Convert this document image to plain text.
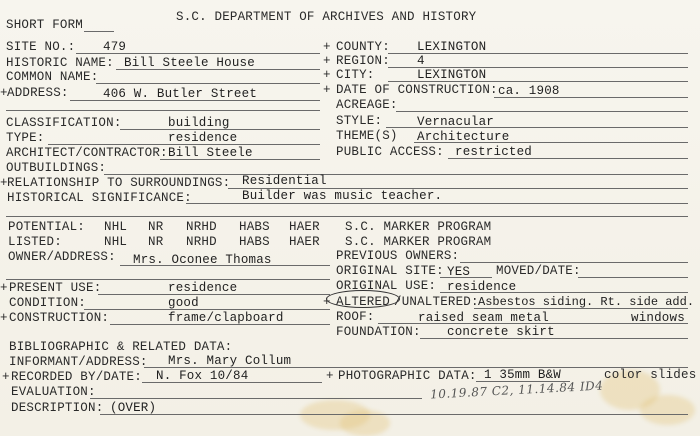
SHORT FORM
S.C. DEPARTMENT OF ARCHIVES AND HISTORY
SITE NO.: 479	+ COUNTY: LEXINGTON
HISTORIC NAME: Bill Steele House	+ REGION: 4
COMMON NAME:	+ CITY:	LEXINGTON
+ ADDRESS:	406 W. Butler Street	+ DATE OF CONSTRUCTION: ca. 1908
ACREAGE:
CLASSIFICATION:	building	STYLE:	Vernacular
TYPE:	residence	THEME(S) Architecture
ARCHITECT/CONTRACTOR: Bill Steele	PUBLIC ACCESS: restricted
OUTBUILDINGS:
+ RELATIONSHIP TO SURROUNDINGS: Residential
HISTORICAL SIGNIFICANCE:	Builder was music teacher.
POTENTIAL: NHL NR NRHD HABS HAER S.C. MARKER PROGRAM
LISTED:	NHL NR NRHD HABS HAER S.C. MARKER PROGRAM
OWNER/ADDRESS: Mrs. Oconee Thomas	PREVIOUS OWNERS:
ORIGINAL SITE: YES MOVED/DATE:
+ PRESENT USE:	residence	ORIGINAL USE: residence
CONDITION:	good	+ ALTERED /UNALTERED: Asbestos siding. Rt. side add.
+ CONSTRUCTION:	frame/clapboard	ROOF:	raised seam metal	windows
FOUNDATION: concrete skirt
BIBLIOGRAPHIC & RELATED DATA:
INFORMANT/ADDRESS: Mrs. Mary Collum
+ RECORDED BY/DATE: N. Fox 10/84	+ PHOTOGRAPHIC DATA: 1 35mm B&W	color slides
10.19.87 C2, 11.14.84 ID4
EVALUATION:
DESCRIPTION: (OVER)
